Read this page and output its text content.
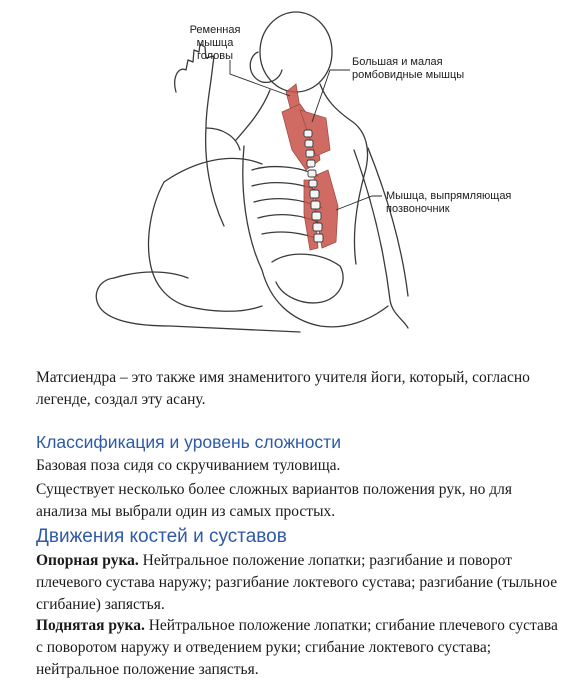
Ременная
мышца
головы	Большая и малая
ромбовидные мышцы
Мышца, выпрямляющая
позвоночник

Матсиендра – это также имя знаменитого учителя йоги, который, согласно легенде, создал эту асану.

Классификация и уровень сложности

Базовая поза сидя со скручиванием туловища.

Существует несколько более сложных вариантов положения рук, но для анализа мы выбрали один из самых простых.

Движения костей и суставов

Опорная рука. Нейтральное положение лопатки; разгибание и поворот плечевого сустава наружу; разгибание локтевого сустава; разгибание (тыльное сгибание) запястья.

Поднятая рука. Нейтральное положение лопатки; сгибание плечевого сустава с поворотом наружу и отведением руки; сгибание локтевого сустава; нейтральное положение запястья.
